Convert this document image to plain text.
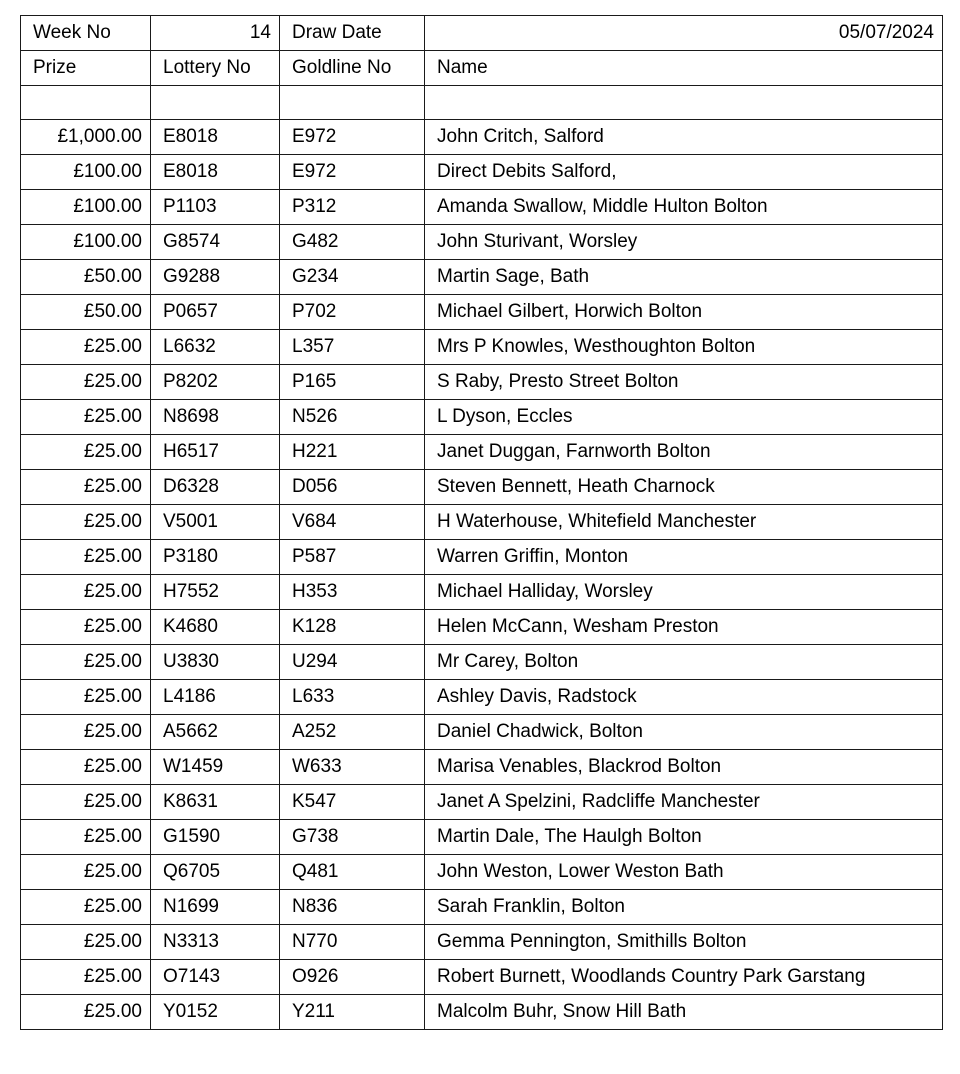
Week No	14	Draw Date	05/07/2024
Prize	Lottery No	Goldline No	Name

£1,000.00	E8018	E972	John Critch, Salford
£100.00	E8018	E972	Direct Debits Salford,
£100.00	P1103	P312	Amanda Swallow, Middle Hulton Bolton
£100.00	G8574	G482	John Sturivant, Worsley
£50.00	G9288	G234	Martin Sage, Bath
£50.00	P0657	P702	Michael Gilbert, Horwich Bolton
£25.00	L6632	L357	Mrs P Knowles, Westhoughton Bolton
£25.00	P8202	P165	S Raby, Presto Street Bolton
£25.00	N8698	N526	L Dyson, Eccles
£25.00	H6517	H221	Janet Duggan, Farnworth Bolton
£25.00	D6328	D056	Steven Bennett, Heath Charnock
£25.00	V5001	V684	H Waterhouse, Whitefield Manchester
£25.00	P3180	P587	Warren Griffin, Monton
£25.00	H7552	H353	Michael Halliday, Worsley
£25.00	K4680	K128	Helen McCann, Wesham Preston
£25.00	U3830	U294	Mr Carey, Bolton
£25.00	L4186	L633	Ashley Davis, Radstock
£25.00	A5662	A252	Daniel Chadwick, Bolton
£25.00	W1459	W633	Marisa Venables, Blackrod Bolton
£25.00	K8631	K547	Janet A Spelzini, Radcliffe Manchester
£25.00	G1590	G738	Martin Dale, The Haulgh Bolton
£25.00	Q6705	Q481	John Weston, Lower Weston Bath
£25.00	N1699	N836	Sarah Franklin, Bolton
£25.00	N3313	N770	Gemma Pennington, Smithills Bolton
£25.00	O7143	O926	Robert Burnett, Woodlands Country Park Garstang
£25.00	Y0152	Y211	Malcolm Buhr, Snow Hill Bath
